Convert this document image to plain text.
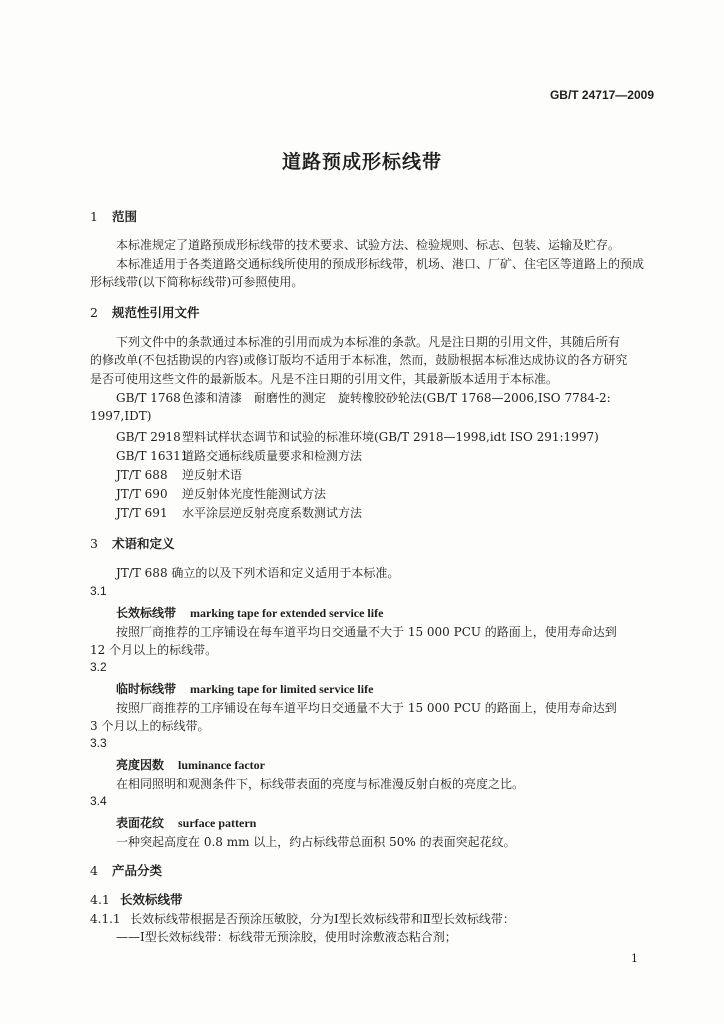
GB/T 24717—2009
道路预成形标线带
1 范围
本标准规定了道路预成形标线带的技术要求、试验方法、检验规则、标志、包装、运输及贮存。
本标准适用于各类道路交通标线所使用的预成形标线带，机场、港口、厂矿、住宅区等道路上的预成
形标线带(以下简称标线带)可参照使用。
2 规范性引用文件
下列文件中的条款通过本标准的引用而成为本标准的条款。凡是注日期的引用文件，其随后所有
的修改单(不包括勘误的内容)或修订版均不适用于本标准，然而，鼓励根据本标准达成协议的各方研究
是否可使用这些文件的最新版本。凡是不注日期的引用文件，其最新版本适用于本标准。
GB/T 1768色漆和清漆　耐磨性的测定　旋转橡胶砂轮法(GB/T 1768—2006,ISO 7784-2:
1997,IDT)
GB/T 2918塑料试样状态调节和试验的标准环境(GB/T 2918—1998,idt ISO 291:1997)
GB/T 16311道路交通标线质量要求和检测方法
JT/T 688 逆反射术语
JT/T 690 逆反射体光度性能测试方法
JT/T 691 水平涂层逆反射亮度系数测试方法
3 术语和定义
JT/T 688 确立的以及下列术语和定义适用于本标准。
3.1
长效标线带 marking tape for extended service life
按照厂商推荐的工序铺设在每车道平均日交通量不大于 15 000 PCU 的路面上，使用寿命达到
12 个月以上的标线带。
3.2
临时标线带 marking tape for limited service life
按照厂商推荐的工序铺设在每车道平均日交通量不大于 15 000 PCU 的路面上，使用寿命达到
3 个月以上的标线带。
3.3
亮度因数 luminance factor
在相同照明和观测条件下，标线带表面的亮度与标准漫反射白板的亮度之比。
3.4
表面花纹 surface pattern
一种突起高度在 0.8 mm 以上，约占标线带总面积 50% 的表面突起花纹。
4 产品分类
4.1 长效标线带
4.1.1 长效标线带根据是否预涂压敏胶，分为Ⅰ型长效标线带和Ⅱ型长效标线带：
——Ⅰ型长效标线带：标线带无预涂胶，使用时涂敷液态粘合剂；
1
